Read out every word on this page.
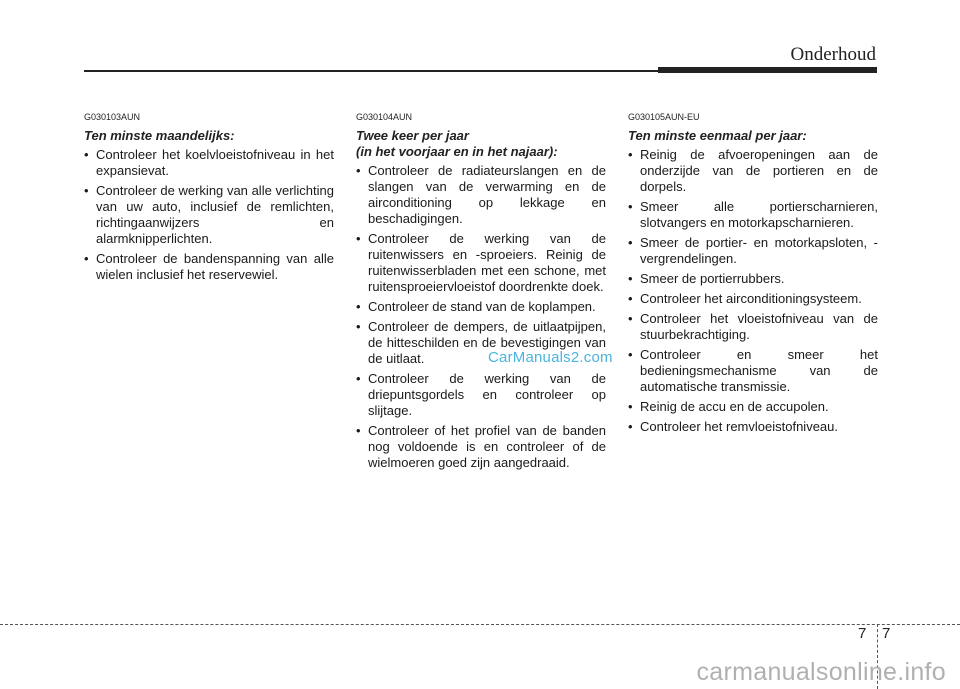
Onderhoud
G030103AUN
Ten minste maandelijks:
• Controleer het koelvloeistofniveau in het expansievat.
• Controleer de werking van alle verlichting van uw auto, inclusief de remlichten, richtingaanwijzers en alarmknipperlichten.
• Controleer de bandenspanning van alle wielen inclusief het reservewiel.
G030104AUN
Twee keer per jaar
(in het voorjaar en in het najaar):
• Controleer de radiateurslangen en de slangen van de verwarming en de airconditioning op lekkage en beschadigingen.
• Controleer de werking van de ruitenwissers en -sproeiers. Reinig de ruitenwisserbladen met een schone, met ruitensproeiervloeistof doordrenkte doek.
• Controleer de stand van de koplampen.
• Controleer de dempers, de uitlaatpijpen, de hitteschilden en de bevestigingen van de uitlaat.
• Controleer de werking van de driepuntsgordels en controleer op slijtage.
• Controleer of het profiel van de banden nog voldoende is en controleer of de wielmoeren goed zijn aangedraaid.
G030105AUN-EU
Ten minste eenmaal per jaar:
• Reinig de afvoeropeningen aan de onderzijde van de portieren en de dorpels.
• Smeer alle portierscharnieren, slotvangers en motorkapscharnieren.
• Smeer de portier- en motorkapsloten, -vergrendelingen.
• Smeer de portierrubbers.
• Controleer het airconditioningsysteem.
• Controleer het vloeistofniveau van de stuurbekrachtiging.
• Controleer en smeer het bedieningsmechanisme van de automatische transmissie.
• Reinig de accu en de accupolen.
• Controleer het remvloeistofniveau.
CarManuals2.com
7 7
carmanualsonline.info
